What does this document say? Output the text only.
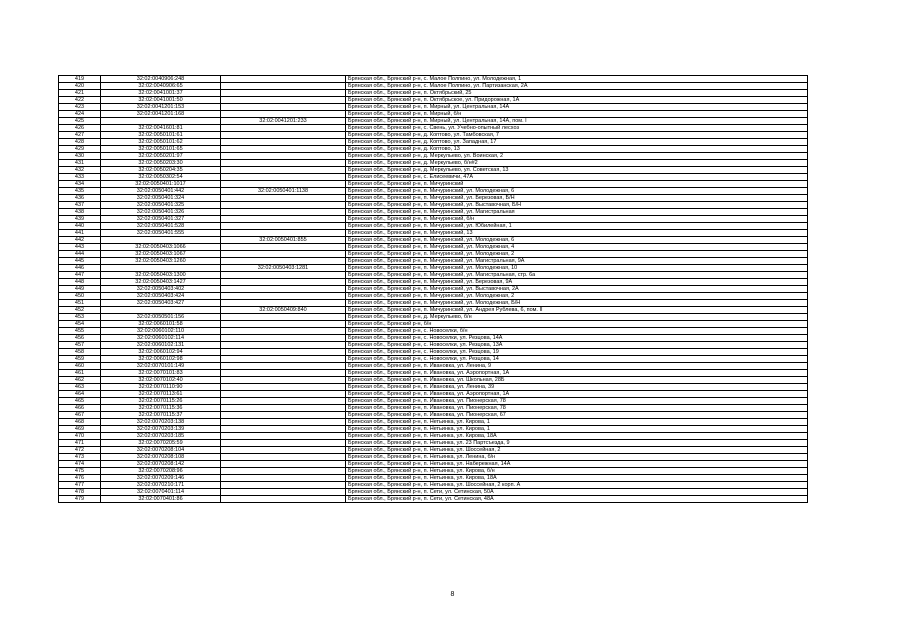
419	32:02:0040906:248		Брянская обл., Брянский р-н, с. Малое Полпино, ул. Молодежная, 1
420	32:02:0040906:65		Брянская обл., Брянский р-н, с. Малое Полпино, ул. Партизанская, 2А
421	32:02:0041001:37		Брянская обл., Брянский р-н, п. Октябрьский, 25
422	32:02:0041001:50		Брянская обл., Брянский р-н, п. Октябрьское, ул. Придорожная, 1А
423	32:02:0041201:153		Брянская обл., Брянский р-н, п. Мирный, ул. Центральная, 14А
424	32:02:0041201:168		Брянская обл., Брянский р-н, п. Мирный, б/н
425		32:02:0041201:233	Брянская обл., Брянский р-н, п. Мирный, ул. Центральная, 14А, пом. I
426	32:02:0041601:81		Брянская обл., Брянский р-н, с. Свень, ул. Учебно-опытный лесхоз
427	32:02:0050101:61		Брянская обл., Брянский р-н, д. Коптово, ул. Тамбовская, 7
428	32:02:0050101:62		Брянская обл., Брянский р-н, д. Коптово, ул. Западная, 17
429	32:02:0050101:65		Брянская обл., Брянский р-н, д. Коптово, 13
430	32:02:0050201:97		Брянская обл., Брянский р-н, д. Меркульево, ул. Воинская, 2
431	32:02:0050203:30		Брянская обл., Брянский р-н, д. Меркульево, б/н#2
432	32:02:0050204:35		Брянская обл., Брянский р-н, д. Меркульево, ул. Советская, 13
433	32:02:0050302:54		Брянская обл., Брянский р-н, с. Елисеевичи, 47А
434	32:02:0050401:1017		Брянская обл., Брянский р-н, п. Мичуринский
435	32:02:0050401:442	32:02:0050401:1138	Брянская обл., Брянский р-н, п. Мичуринский, ул. Молодежная, 6
436	32:02:0050401:324		Брянская обл., Брянский р-н, п. Мичуринский, ул. Березовая, Б/Н
437	32:02:0050401:325		Брянская обл., Брянский р-н, п. Мичуринский, ул. Выставочная, Б/Н
438	32:02:0050401:326		Брянская обл., Брянский р-н, п. Мичуринский, ул. Магистральная
439	32:02:0050401:327		Брянская обл., Брянский р-н, п. Мичуринский, б/н
440	32:02:0050401:528		Брянская обл., Брянский р-н, п. Мичуринский, ул. Юбилейная, 1
441	32:02:0050401:555		Брянская обл., Брянский р-н, п. Мичуринский, 13
442		32:02:0050401:855	Брянская обл., Брянский р-н, п. Мичуринский, ул. Молодежная, 6
443	32:02:0050403:1066		Брянская обл., Брянский р-н, п. Мичуринский, ул. Молодежная, 4
444	32:02:0050403:1067		Брянская обл., Брянский р-н, п. Мичуринский, ул. Молодежная, 2
445	32:02:0050403:1260		Брянская обл., Брянский р-н, п. Мичуринский, ул. Магистральная, 9А
446		32:02:0050403:1281	Брянская обл., Брянский р-н, п. Мичуринский, ул. Молодежная, 10
447	32:02:0050403:1300		Брянская обл., Брянский р-н, п. Мичуринский, ул. Магистральная, стр. 6а
448	32:02:0050403:1427		Брянская обл., Брянский р-н, п. Мичуринский, ул. Березовая, 9А
449	32:02:0050403:402		Брянская обл., Брянский р-н, п. Мичуринский, ул. Выставочная, 2А
450	32:02:0050403:424		Брянская обл., Брянский р-н, п. Мичуринский, ул. Молодежная, 2
451	32:02:0050403:427		Брянская обл., Брянский р-н, п. Мичуринский, ул. Молодежная, Б/Н
452		32:02:0050409:840	Брянская обл., Брянский р-н, п. Мичуринский, ул. Андрея Рублева, 6, пом. II
453	32:02:0050501:156		Брянская обл., Брянский р-н, д. Меркульево, б/н
454	32:02:0060101:58		Брянская обл., Брянский р-н, б/н
455	32:02:0060102:110		Брянская обл., Брянский р-н, с. Новоселки, б/н
456	32:02:0060102:114		Брянская обл., Брянский р-н, с. Новоселки, ул. Резцова, 14А
457	32:02:0060102:131		Брянская обл., Брянский р-н, с. Новоселки, ул. Резцова, 13А
458	32:02:0060102:94		Брянская обл., Брянский р-н, с. Новоселки, ул. Резцова, 19
459	32:02:0060102:98		Брянская обл., Брянский р-н, с. Новоселки, ул. Резцова, 14
460	32:02:0070101:149		Брянская обл., Брянский р-н, п. Ивановка, ул. Ленина, 9
461	32:02:0070101:83		Брянская обл., Брянский р-н, п. Ивановка, ул. Аэропортная, 1А
462	32:02:0070102:40		Брянская обл., Брянский р-н, п. Ивановка, ул. Школьная, 28Б
463	32:02:0070110:90		Брянская обл., Брянский р-н, п. Ивановка, ул. Ленина, 39
464	32:02:0070113:61		Брянская обл., Брянский р-н, п. Ивановка, ул. Аэропортная, 1А
465	32:02:0070115:26		Брянская обл., Брянский р-н, п. Ивановка, ул. Пионерская, 78
466	32:02:0070115:36		Брянская обл., Брянский р-н, п. Ивановка, ул. Пионерская, 78
467	32:02:0070115:37		Брянская обл., Брянский р-н, п. Ивановка, ул. Пионерская, 67
468	32:02:0070203:138		Брянская обл., Брянский р-н, п. Нетьинка, ул. Кирова, 1
469	32:02:0070203:139		Брянская обл., Брянский р-н, п. Нетьинка, ул. Кирова, 1
470	32:02:0070203:185		Брянская обл., Брянский р-н, п. Нетьинка, ул. Кирова, 18А
471	32:02:0070205:59		Брянская обл., Брянский р-н, п. Нетьинка, ул. 23 Партсъезда, 9
472	32:02:0070208:104		Брянская обл., Брянский р-н, п. Нетьинка, ул. Шоссейная, 2
473	32:02:0070208:108		Брянская обл., Брянский р-н, п. Нетьинка, ул. Ленина, б/н
474	32:02:0070208:142		Брянская обл., Брянский р-н, п. Нетьинка, ул. Набережная, 14А
475	32:02:0070208:96		Брянская обл., Брянский р-н, п. Нетьинка, ул. Кирова, б/н
476	32:02:0070209:146		Брянская обл., Брянский р-н, п. Нетьинка, ул. Кирова, 18А
477	32:02:0070210:171		Брянская обл., Брянский р-н, п. Нетьинка, ул. Шоссейная, 2 корп. А
478	32:02:0070401:114		Брянская обл., Брянский р-н, п. Сети, ул. Сетинская, 50А
479	32:02:0070401:86		Брянская обл., Брянский р-н, п. Сети, ул. Сетинская, 48А
8
